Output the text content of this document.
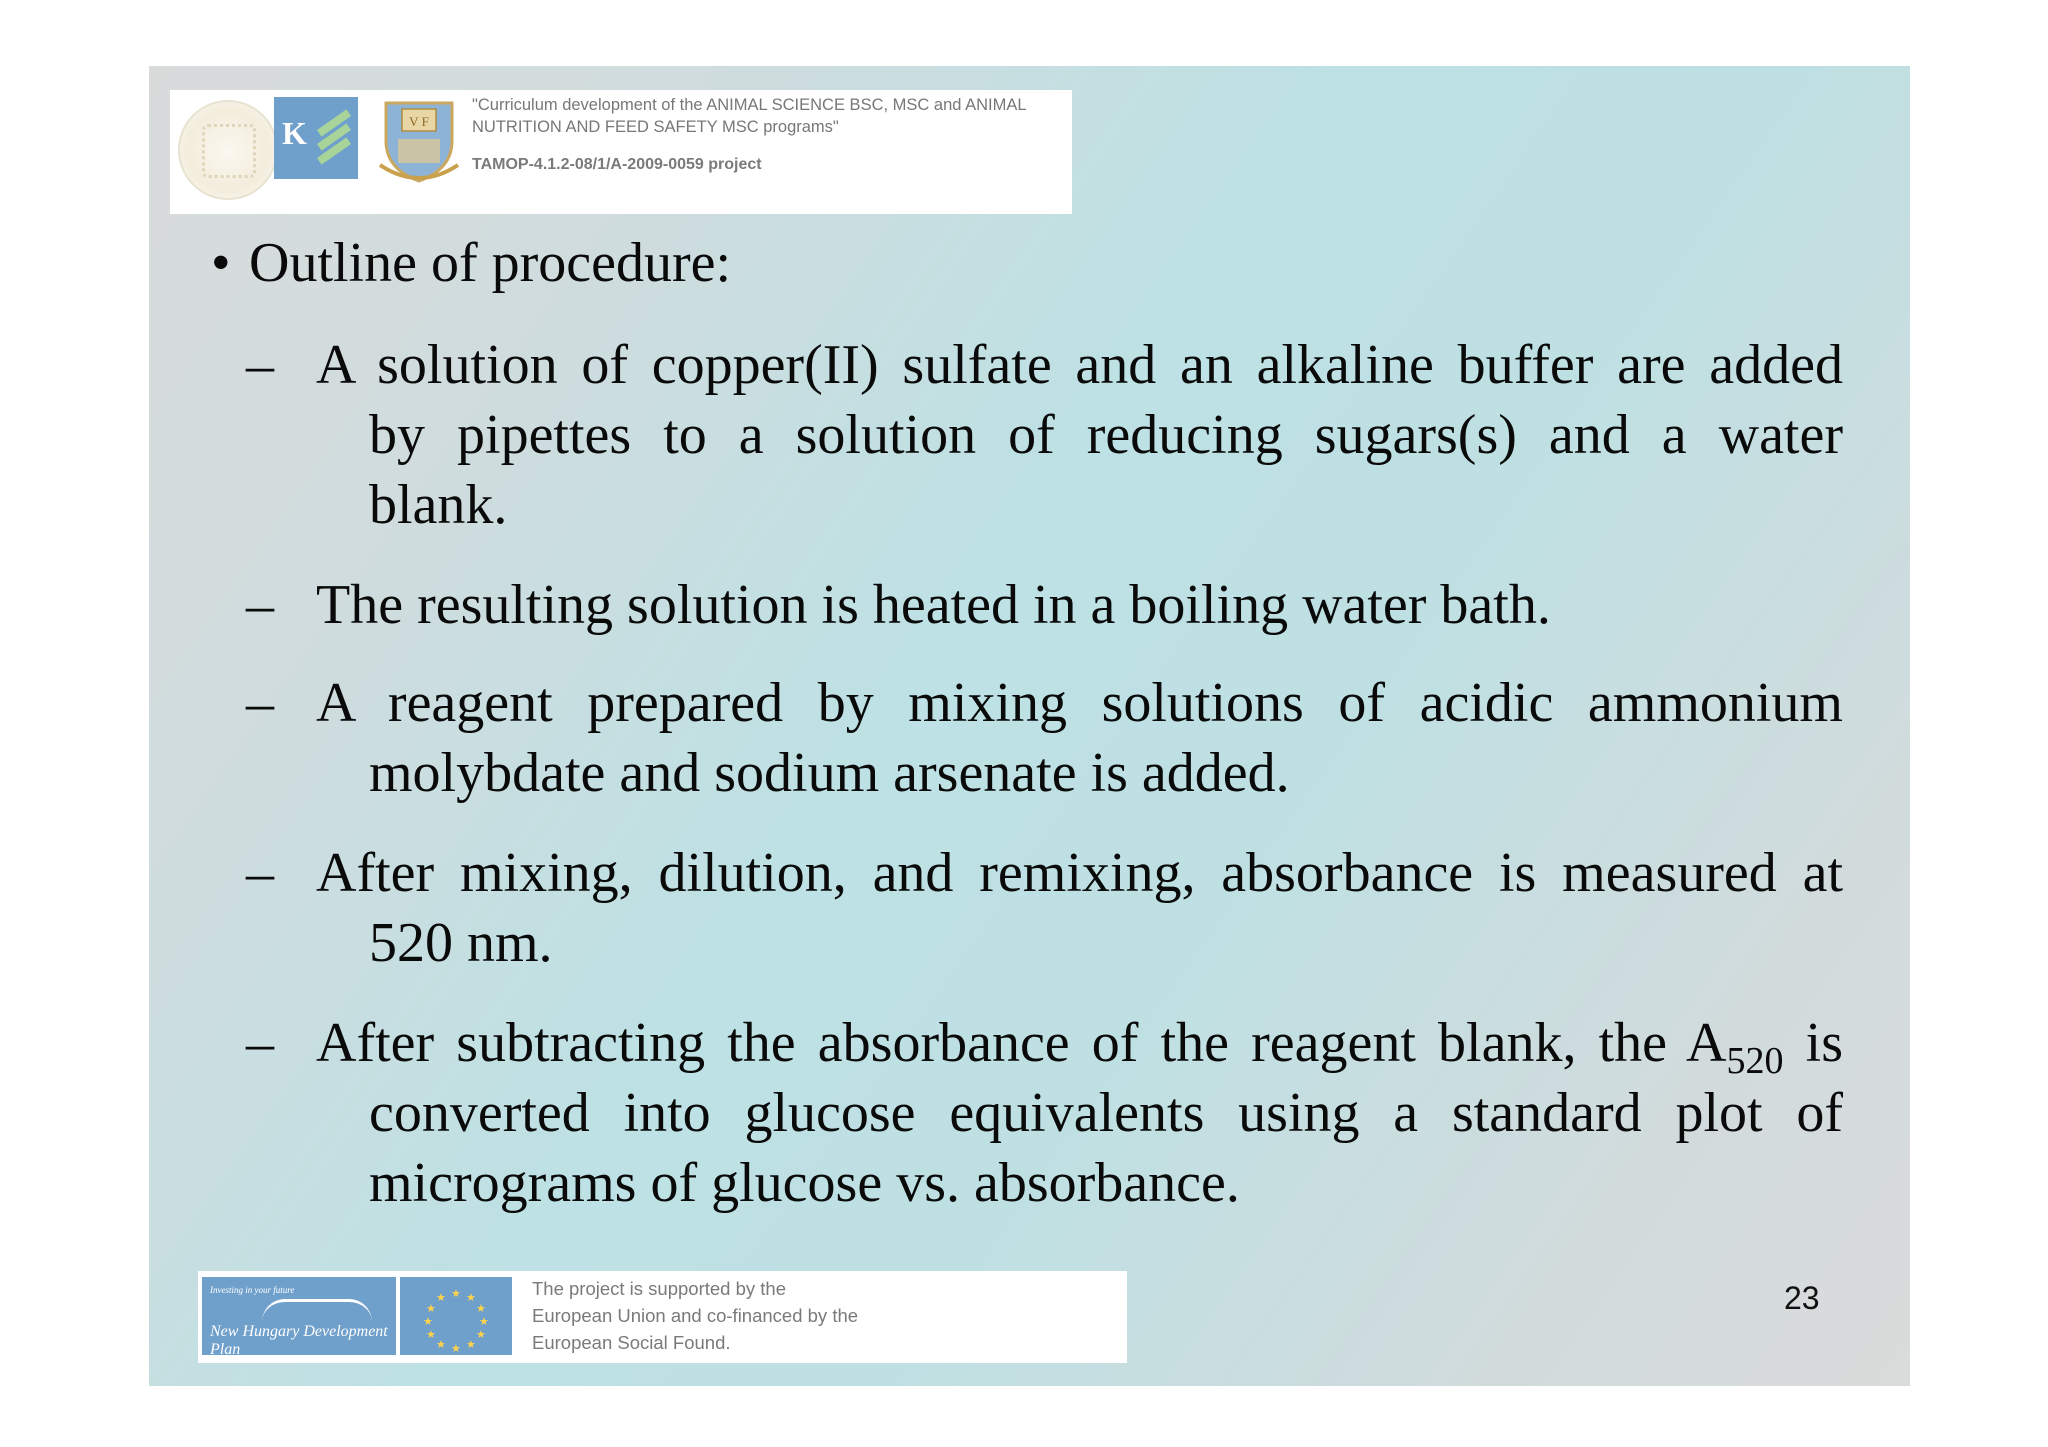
K	V F

"Curriculum development of the ANIMAL SCIENCE BSC, MSC and ANIMAL

NUTRITION AND FEED SAFETY MSC programs"

TAMOP-4.1.2-08/1/A-2009-0059 project
• Outline of procedure:
– A solution of copper(II) sulfate and an alkaline buffer are added
by pipettes to a solution of reducing sugars(s) and a water
blank.
– The resulting solution is heated in a boiling water bath.
– A reagent prepared by mixing solutions of acidic ammonium
molybdate and sodium arsenate is added.
– After mixing, dilution, and remixing, absorbance is measured at
520 nm.
– After subtracting the absorbance of the reagent blank, the $A_{520}$ is
converted into glucose equivalents using a standard plot of
micrograms of glucose vs. absorbance.
Investing in your future
New Hungary Development Plan
★ ★
★
★
★
★
★
★
★
★
★
★	The project is supported by the
European Union and co-financed by the
European Social Found.
23
